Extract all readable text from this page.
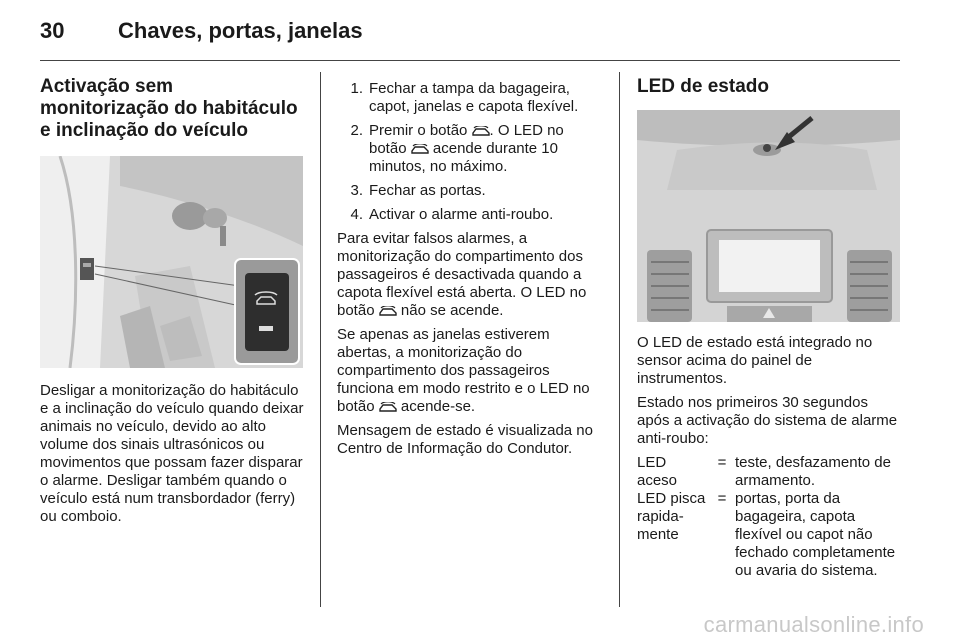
30 Chaves, portas, janelas
Activação sem monitorização do habitáculo e inclinação do veículo

Desligar a monitorização do habitáculo e a inclinação do veículo quando deixar animais no veículo, devido ao alto volume dos sinais ultrasónicos ou movimentos que possam fazer disparar o alarme. Desligar também quando o veículo está num transbordador (ferry) ou comboio.

1. Fechar a tampa da bagageira, capot, janelas e capota flexível.
2. Premir o botão . O LED no botão  acende durante 10 minutos, no máximo.
3. Fechar as portas.
4. Activar o alarme anti-roubo.

Para evitar falsos alarmes, a monitorização do compartimento dos passageiros é desactivada quando a capota flexível está aberta. O LED no botão  não se acende.

Se apenas as janelas estiverem abertas, a monitorização do compartimento dos passageiros funciona em modo restrito e o LED no botão  acende-se.

Mensagem de estado é visualizada no Centro de Informação do Condutor.

LED de estado

O LED de estado está integrado no sensor acima do painel de instrumentos.

Estado nos primeiros 30 segundos após a activação do sistema de alarme anti-roubo:

LED aceso
= teste, desfazamento de armamento.
LED pisca rapida- mente
= portas, porta da bagageira, capota flexível ou capot não fechado completamente ou avaria do sistema.
carmanualsonline.info
